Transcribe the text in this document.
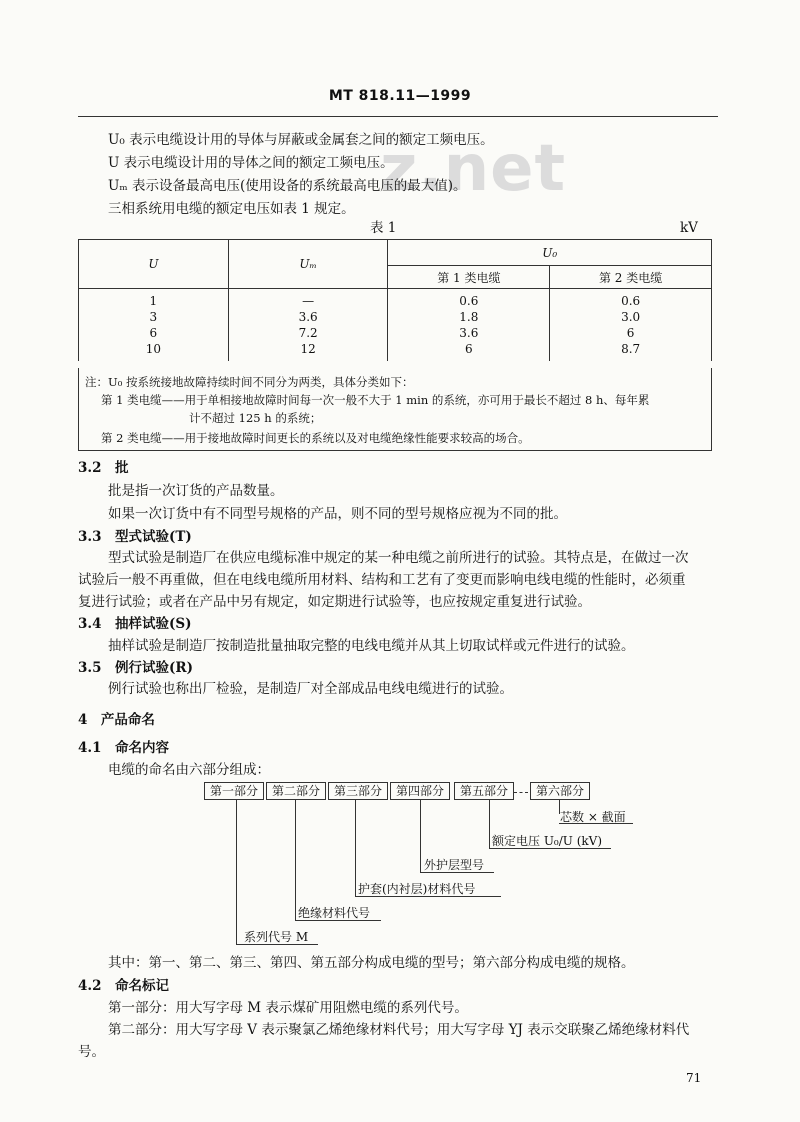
MT 818.11—1999
z.net
U₀ 表示电缆设计用的导体与屏蔽或金属套之间的额定工频电压。
U 表示电缆设计用的导体之间的额定工频电压。
Uₘ 表示设备最高电压(使用设备的系统最高电压的最大值)。
三相系统用电缆的额定电压如表 1 规定。
表 1	kV
U	Uₘ	U₀	
		第 1 类电缆	第 2 类电缆
1	—	0.6	0.6
3	3.6	1.8	3.0
6	7.2	3.6	6
10	12	6	8.7
注：U₀ 按系统接地故障持续时间不同分为两类，具体分类如下：
第 1 类电缆——用于单相接地故障时间每一次一般不大于 1 min 的系统，亦可用于最长不超过 8 h、每年累
计不超过 125 h 的系统；
第 2 类电缆——用于接地故障时间更长的系统以及对电缆绝缘性能要求较高的场合。
3.2　批
批是指一次订货的产品数量。
如果一次订货中有不同型号规格的产品，则不同的型号规格应视为不同的批。
3.3　型式试验(T)
型式试验是制造厂在供应电缆标准中规定的某一种电缆之前所进行的试验。其特点是，在做过一次
试验后一般不再重做，但在电线电缆所用材料、结构和工艺有了变更而影响电线电缆的性能时，必须重
复进行试验；或者在产品中另有规定，如定期进行试验等，也应按规定重复进行试验。
3.4　抽样试验(S)
抽样试验是制造厂按制造批量抽取完整的电线电缆并从其上切取试样或元件进行的试验。
3.5　例行试验(R)
例行试验也称出厂检验，是制造厂对全部成品电线电缆进行的试验。
4　产品命名
4.1　命名内容
电缆的命名由六部分组成：
第一部分	第二部分	第三部分	第四部分	第五部分	第六部分
芯数 × 截面
额定电压 U₀/U (kV)
外护层型号
护套(内衬层)材料代号
绝缘材料代号
系列代号 M
其中：第一、第二、第三、第四、第五部分构成电缆的型号；第六部分构成电缆的规格。
4.2　命名标记
第一部分：用大写字母 M 表示煤矿用阻燃电缆的系列代号。
第二部分：用大写字母 V 表示聚氯乙烯绝缘材料代号；用大写字母 YJ 表示交联聚乙烯绝缘材料代
号。
71
